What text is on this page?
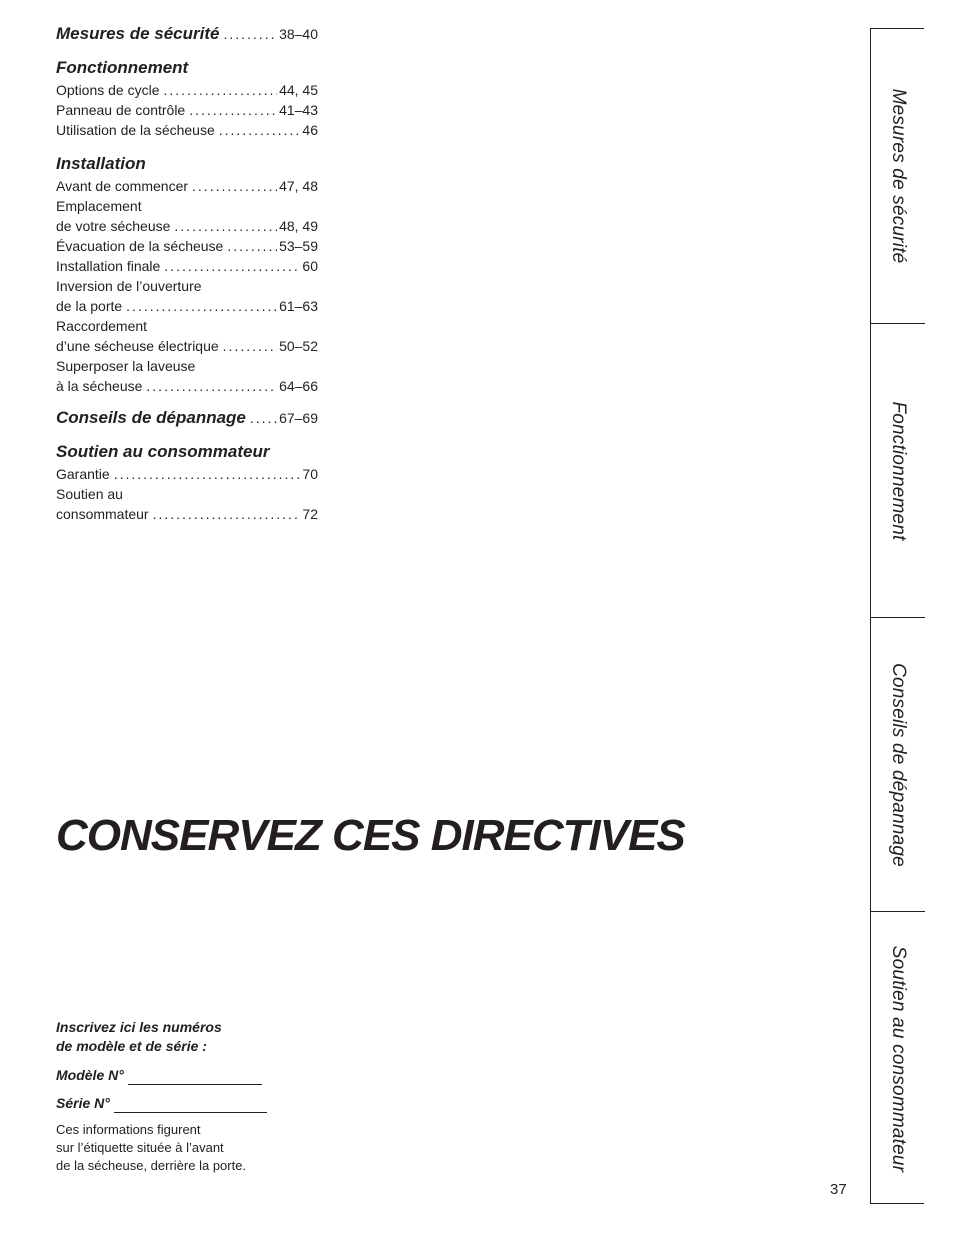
Mesures de sécurité .....	38–40
Fonctionnement
Options de cycle .....	44, 45
Panneau de contrôle .....	41–43
Utilisation de la sécheuse .....	46
Installation
Avant de commencer .....	47, 48
Emplacement
de votre sécheuse .....	48, 49
Évacuation de la sécheuse .....	53–59
Installation finale .....	60
Inversion de l’ouverture
de la porte .....	61–63
Raccordement
d’une sécheuse électrique .....	50–52
Superposer la laveuse
à la sécheuse .....	64–66
Conseils de dépannage ..... 67–69
Soutien au consommateur
Garantie .....	70
Soutien au
consommateur .....	72
CONSERVEZ CES DIRECTIVES
Inscrivez ici les numéros
de modèle et de série :
Modèle N°
Série N°
Ces informations figurent
sur l’étiquette située à l’avant
de la sécheuse, derrière la porte.
37
Mesures de sécurité
Fonctionnement
Conseils de dépannage
Soutien au consommateur
